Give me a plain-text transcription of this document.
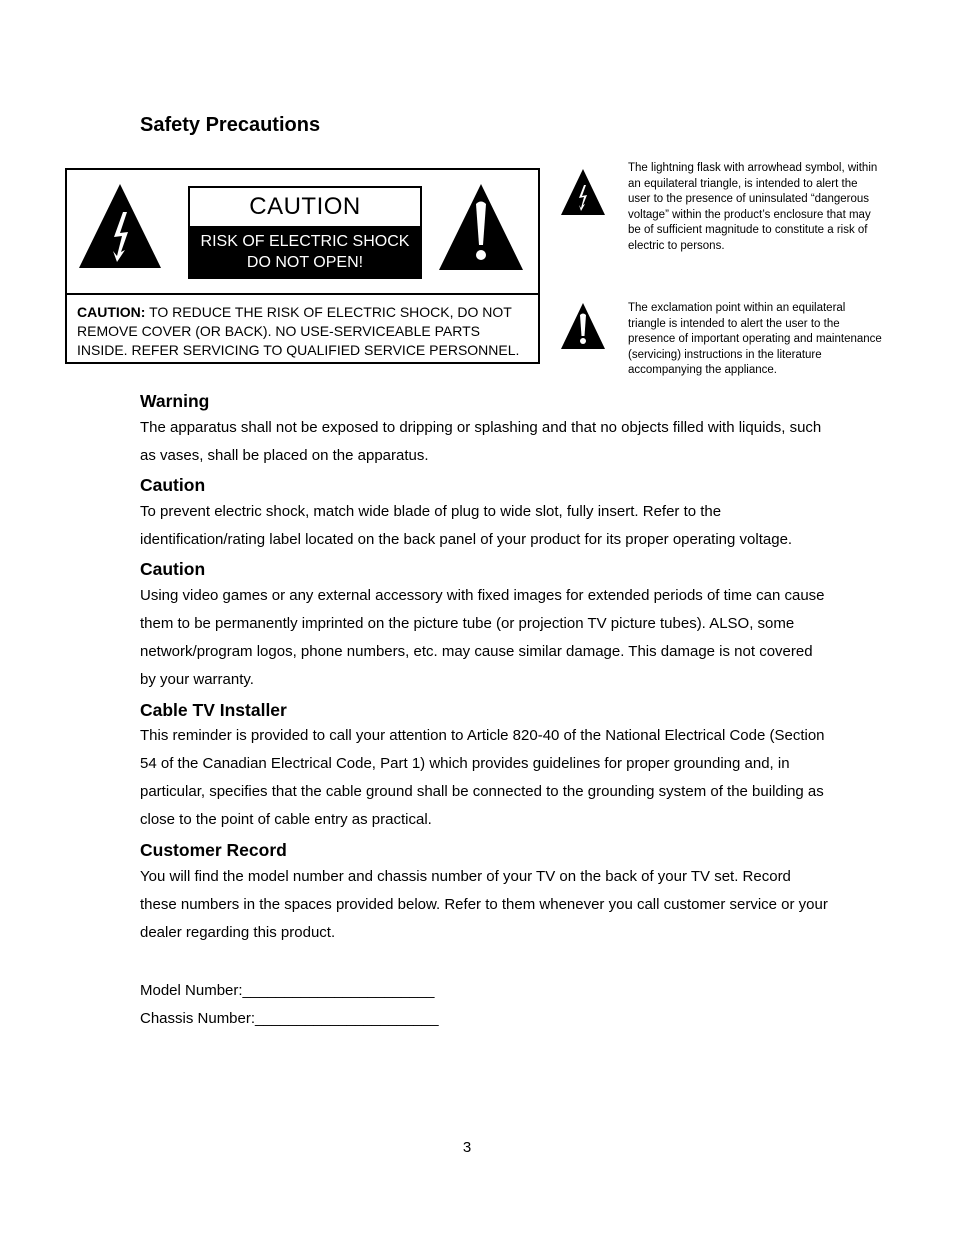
Safety Precautions
CAUTION
RISK OF ELECTRIC SHOCK
DO NOT OPEN!
CAUTION: TO REDUCE THE RISK OF ELECTRIC SHOCK, DO NOT REMOVE COVER (OR BACK). NO USE-SERVICEABLE PARTS INSIDE. REFER SERVICING TO QUALIFIED SERVICE PERSONNEL.
The lightning flask with arrowhead symbol, within an equilateral triangle, is intended to alert the user to the presence of uninsulated “dangerous voltage” within the product’s enclosure that may be of sufficient magnitude to constitute a risk of electric to persons.
The exclamation point within an equilateral triangle is intended to alert the user to the presence of important operating and maintenance (servicing) instructions in the literature accompanying the appliance.
Warning
The apparatus shall not be exposed to dripping or splashing and that no objects filled with liquids, such as vases, shall be placed on the apparatus.
Caution
To prevent electric shock, match wide blade of plug to wide slot, fully insert. Refer to the identification/rating label located on the back panel of your product for its proper operating voltage.
Caution
Using video games or any external accessory with fixed images for extended periods of time can cause them to be permanently imprinted on the picture tube (or projection TV picture tubes). ALSO, some network/program logos, phone numbers, etc. may cause similar damage. This damage is not covered by your warranty.
Cable TV Installer
This reminder is provided to call your attention to Article 820-40 of the National Electrical Code (Section 54 of the Canadian Electrical Code, Part 1) which provides guidelines for proper grounding and, in particular, specifies that the cable ground shall be connected to the grounding system of the building as close to the point of cable entry as practical.
Customer Record
You will find the model number and chassis number of your TV on the back of your TV set. Record these numbers in the spaces provided below. Refer to them whenever you call customer service or your dealer regarding this product.
Model Number:_______________________
Chassis Number:______________________
3
